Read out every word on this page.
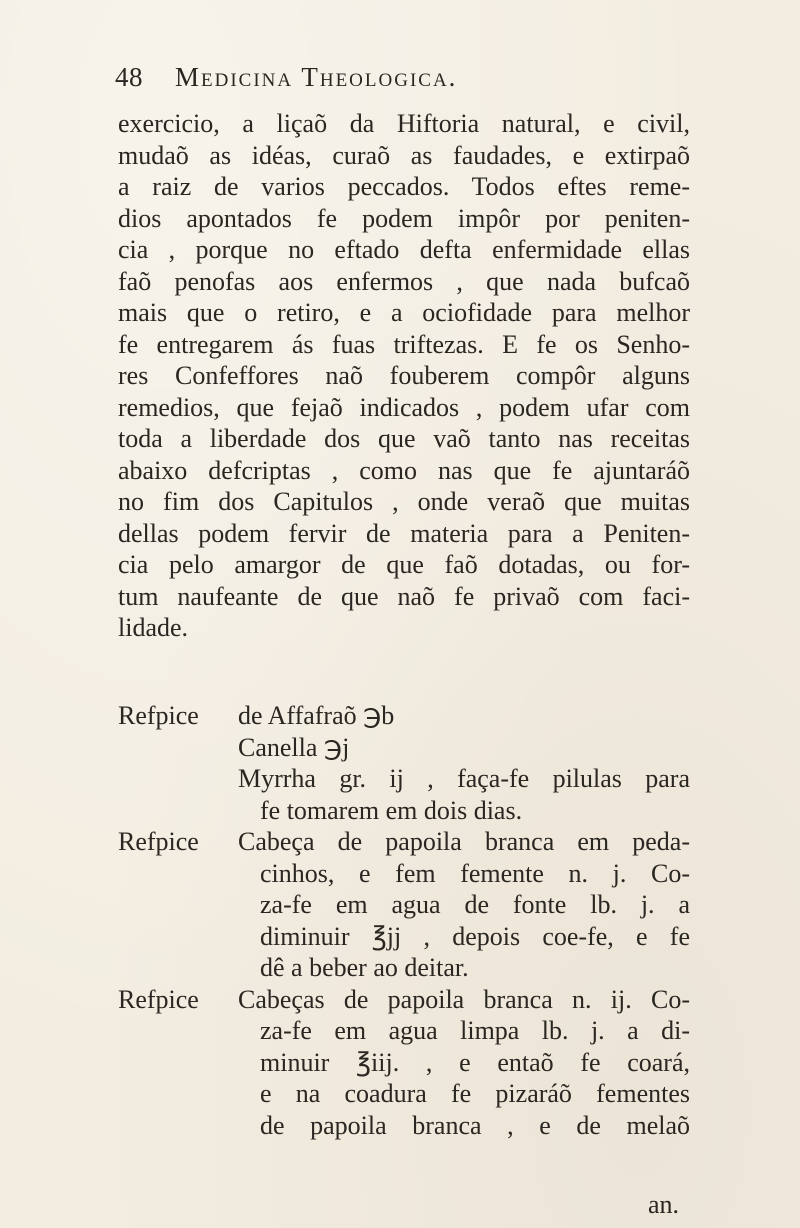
48 Medicina Theologica.
exercicio, a liçaõ da Hiftoria natural, e civil,
mudaõ as idéas, curaõ as faudades, e extirpaõ
a raiz de varios peccados. Todos eftes reme-
dios apontados fe podem impôr por peniten-
cia , porque no eftado defta enfermidade ellas
faõ penofas aos enfermos , que nada bufcaõ
mais que o retiro, e a ociofidade para melhor
fe entregarem ás fuas triftezas. E fe os Senho-
res Confeffores naõ fouberem compôr alguns
remedios, que fejaõ indicados , podem ufar com
toda a liberdade dos que vaõ tanto nas receitas
abaixo defcriptas , como nas que fe ajuntaráõ
no fim dos Capitulos , onde veraõ que muitas
dellas podem fervir de materia para a Peniten-
cia pelo amargor de que faõ dotadas, ou for-
tum naufeante de que naõ fe privaõ com faci-
lidade.
Refpice de Affafraõ ℈b
Canella ℈j
Myrrha gr. ij , faça-fe pilulas para
fe tomarem em dois dias.
Refpice Cabeça de papoila branca em peda-
cinhos, e fem femente n. j. Co-
za-fe em agua de fonte lb. j. a
diminuir ℥jj , depois coe-fe, e fe
dê a beber ao deitar.
Refpice Cabeças de papoila branca n. ij. Co-
za-fe em agua limpa lb. j. a di-
minuir ℥iij. , e entaõ fe coará,
e na coadura fe pizaráõ fementes
de papoila branca , e de melaõ
an.
